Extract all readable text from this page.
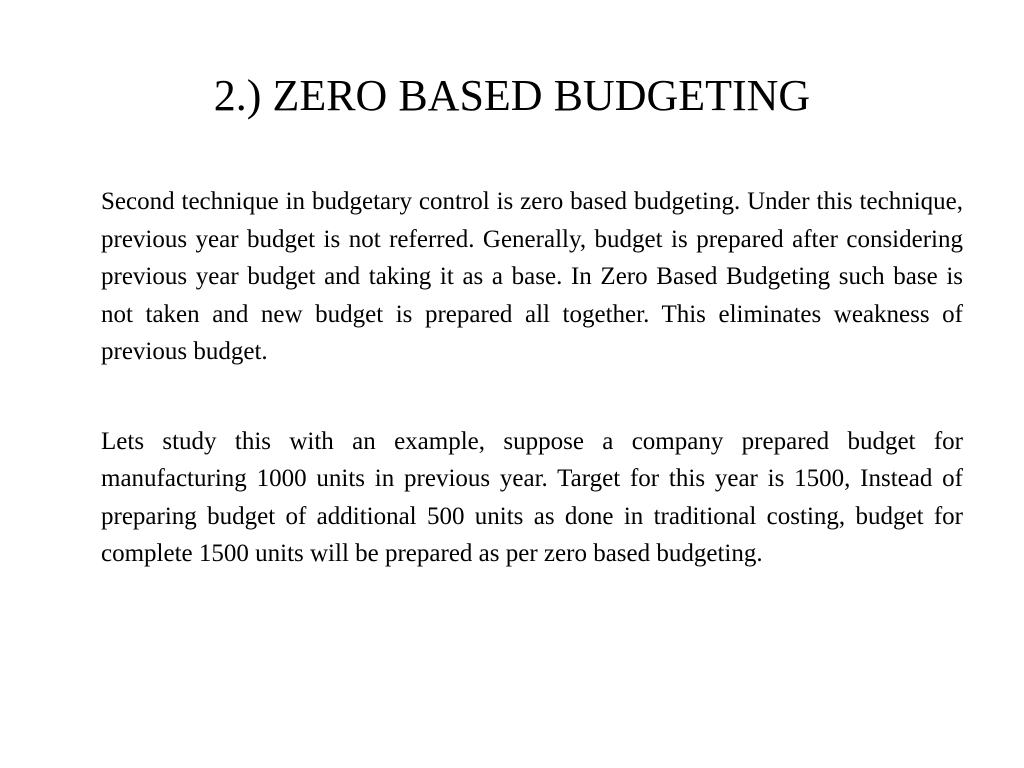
2.) ZERO BASED BUDGETING

Second technique in budgetary control is zero based budgeting. Under this technique, previous year budget is not referred. Generally, budget is prepared after considering previous year budget and taking it as a base. In Zero Based Budgeting such base is not taken and new budget is prepared all together. This eliminates weakness of previous budget.

Lets study this with an example, suppose a company prepared budget for manufacturing 1000 units in previous year. Target for this year is 1500, Instead of preparing budget of additional 500 units as done in traditional costing, budget for complete 1500 units will be prepared as per zero based budgeting.
